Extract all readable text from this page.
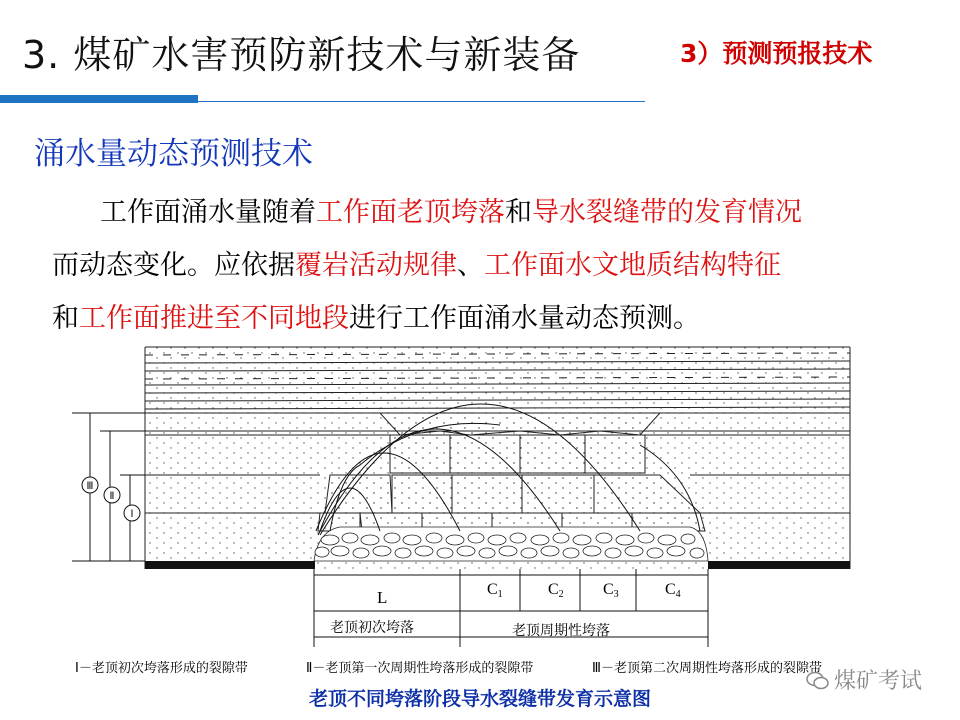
3. 煤矿水害预防新技术与新装备	3）预测预报技术
涌水量动态预测技术
工作面涌水量随着工作面老顶垮落和导水裂缝带的发育情况
而动态变化。应依据覆岩活动规律、工作面水文地质结构特征
和工作面推进至不同地段进行工作面涌水量动态预测。
Ⅲ
Ⅱ
Ⅰ
L	C1	C2 C3	C4
老顶初次垮落	老顶周期性垮落
Ⅰ－老顶初次垮落形成的裂隙带	Ⅱ－老顶第一次周期性垮落形成的裂隙带	Ⅲ－老顶第二次周期性垮落形成的裂隙带
老顶不同垮落阶段导水裂缝带发育示意图
煤矿考试
